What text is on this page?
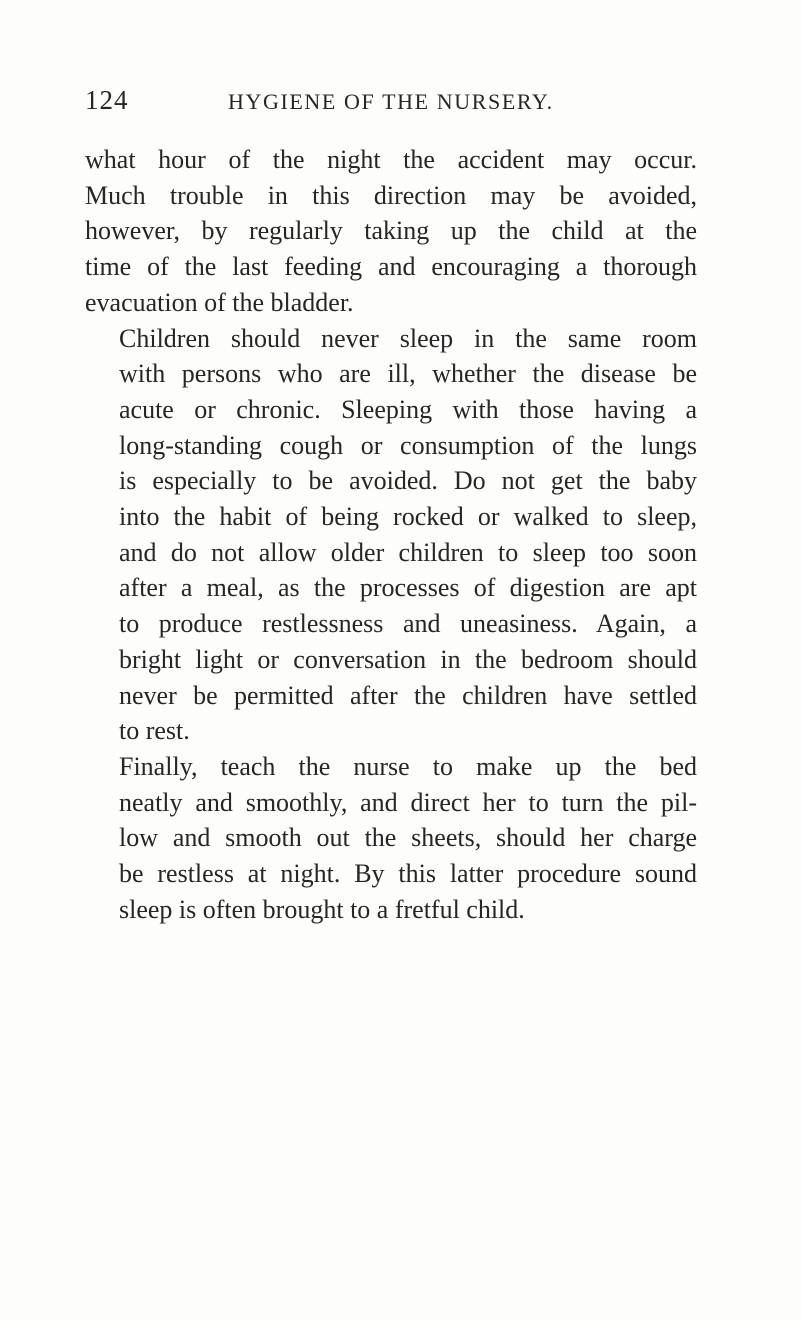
124	HYGIENE OF THE NURSERY.

what hour of the night the accident may occur.
Much trouble in this direction may be avoided,
however, by regularly taking up the child at the
time of the last feeding and encouraging a thorough
evacuation of the bladder.

Children should never sleep in the same room
with persons who are ill, whether the disease be
acute or chronic. Sleeping with those having a
long-standing cough or consumption of the lungs
is especially to be avoided. Do not get the baby
into the habit of being rocked or walked to sleep,
and do not allow older children to sleep too soon
after a meal, as the processes of digestion are apt
to produce restlessness and uneasiness. Again, a
bright light or conversation in the bedroom should
never be permitted after the children have settled
to rest.

Finally, teach the nurse to make up the bed
neatly and smoothly, and direct her to turn the pil-
low and smooth out the sheets, should her charge
be restless at night. By this latter procedure sound
sleep is often brought to a fretful child.
